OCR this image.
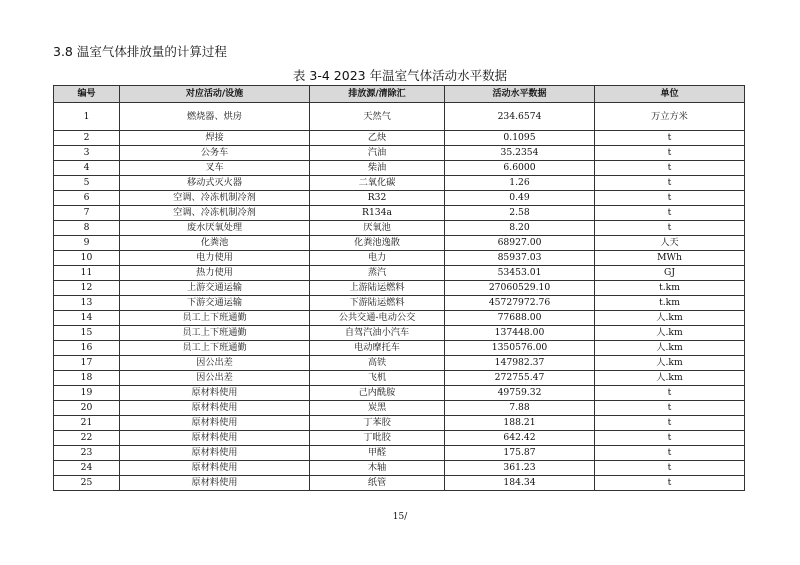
3.8 温室气体排放量的计算过程
表 3-4 2023 年温室气体活动水平数据
编号	对应活动/设施	排放源/清除汇	活动水平数据	单位
1	燃烧器、烘房	天然气	234.6574	万立方米
2	焊接	乙炔	0.1095	t
3	公务车	汽油	35.2354	t
4	叉车	柴油	6.6000	t
5	移动式灭火器	二氧化碳	1.26	t
6	空调、冷冻机制冷剂	R32	0.49	t
7	空调、冷冻机制冷剂	R134a	2.58	t
8	废水厌氧处理	厌氧池	8.20	t
9	化粪池	化粪池逸散	68927.00	人天
10	电力使用	电力	85937.03	MWh
11	热力使用	蒸汽	53453.01	GJ
12	上游交通运输	上游陆运燃料	27060529.10	t.km
13	下游交通运输	下游陆运燃料	45727972.76	t.km
14	员工上下班通勤	公共交通-电动公交	77688.00	人.km
15	员工上下班通勤	自驾汽油小汽车	137448.00	人.km
16	员工上下班通勤	电动摩托车	1350576.00	人.km
17	因公出差	高铁	147982.37	人.km
18	因公出差	飞机	272755.47	人.km
19	原材料使用	己内酰胺	49759.32	t
20	原材料使用	炭黑	7.88	t
21	原材料使用	丁苯胶	188.21	t
22	原材料使用	丁吡胶	642.42	t
23	原材料使用	甲醛	175.87	t
24	原材料使用	木轴	361.23	t
25	原材料使用	纸管	184.34	t
15/
